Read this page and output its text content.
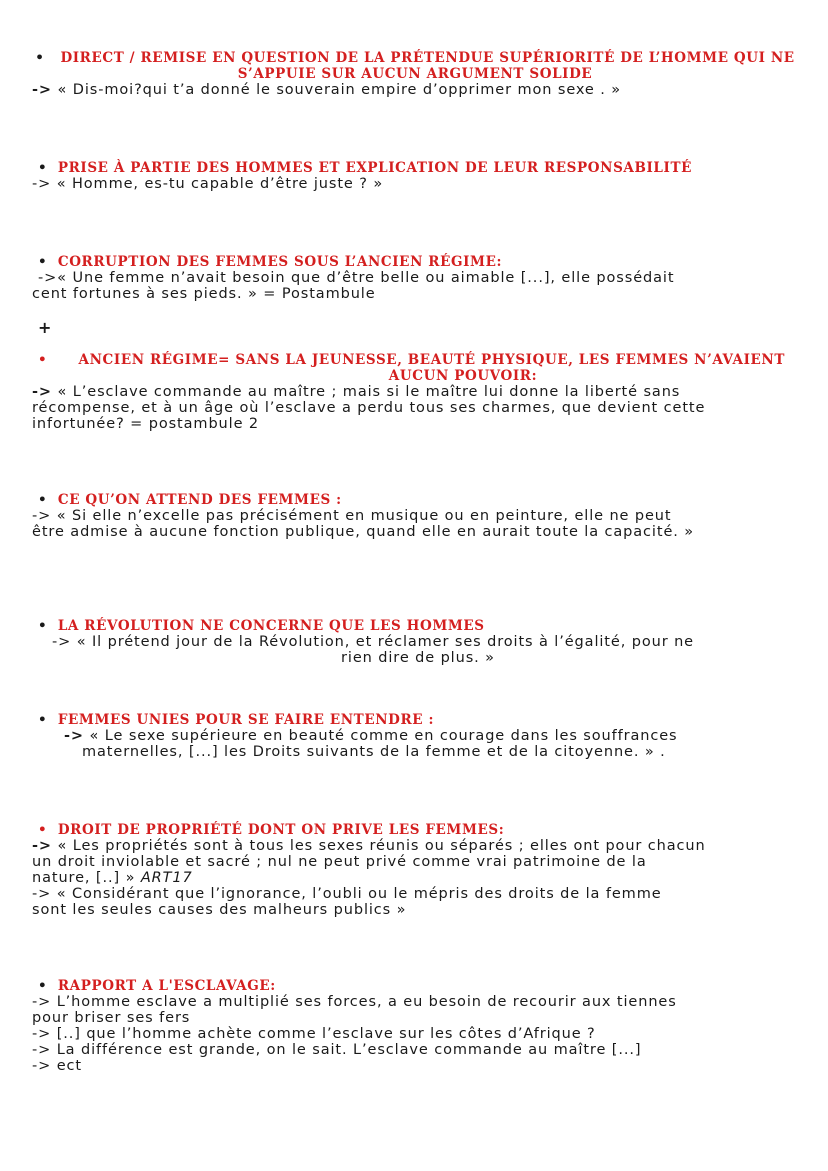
• DIRECT / REMISE EN QUESTION DE LA PRÉTENDUE SUPÉRIORITÉ DE L’HOMME QUI NE
S’APPUIE SUR AUCUN ARGUMENT SOLIDE
-> « Dis-moi?qui t’a donné le souverain empire d’opprimer mon sexe . »
• PRISE À PARTIE DES HOMMES ET EXPLICATION DE LEUR RESPONSABILITÉ
-> « Homme, es-tu capable d’être juste ? »
• CORRUPTION DES FEMMES SOUS L’ANCIEN RÉGIME:
->« Une femme n’avait besoin que d’être belle ou aimable [...], elle possédait
cent fortunes à ses pieds. » = Postambule
+
• ANCIEN RÉGIME= SANS LA JEUNESSE, BEAUTÉ PHYSIQUE, LES FEMMES N’AVAIENT
AUCUN POUVOIR:
-> « L’esclave commande au maître ; mais si le maître lui donne la liberté sans
récompense, et à un âge où l’esclave a perdu tous ses charmes, que devient cette
infortunée? = postambule 2
• CE QU’ON ATTEND DES FEMMES :
-> « Si elle n’excelle pas précisément en musique ou en peinture, elle ne peut
être admise à aucune fonction publique, quand elle en aurait toute la capacité. »
• LA RÉVOLUTION NE CONCERNE QUE LES HOMMES
-> « Il prétend jour de la Révolution, et réclamer ses droits à l’égalité, pour ne
rien dire de plus. »
• FEMMES UNIES POUR SE FAIRE ENTENDRE :
-> « Le sexe supérieure en beauté comme en courage dans les souffrances
maternelles, [...] les Droits suivants de la femme et de la citoyenne. » .
• DROIT DE PROPRIÉTÉ DONT ON PRIVE LES FEMMES:
-> « Les propriétés sont à tous les sexes réunis ou séparés ; elles ont pour chacun
un droit inviolable et sacré ; nul ne peut privé comme vrai patrimoine de la
nature, [..] » ART17
-> « Considérant que l’ignorance, l’oubli ou le mépris des droits de la femme
sont les seules causes des malheurs publics »
• RAPPORT A L'ESCLAVAGE:
-> L’homme esclave a multiplié ses forces, a eu besoin de recourir aux tiennes
pour briser ses fers
-> [..] que l’homme achète comme l’esclave sur les côtes d’Afrique ?
-> La différence est grande, on le sait. L’esclave commande au maître [...]
-> ect
